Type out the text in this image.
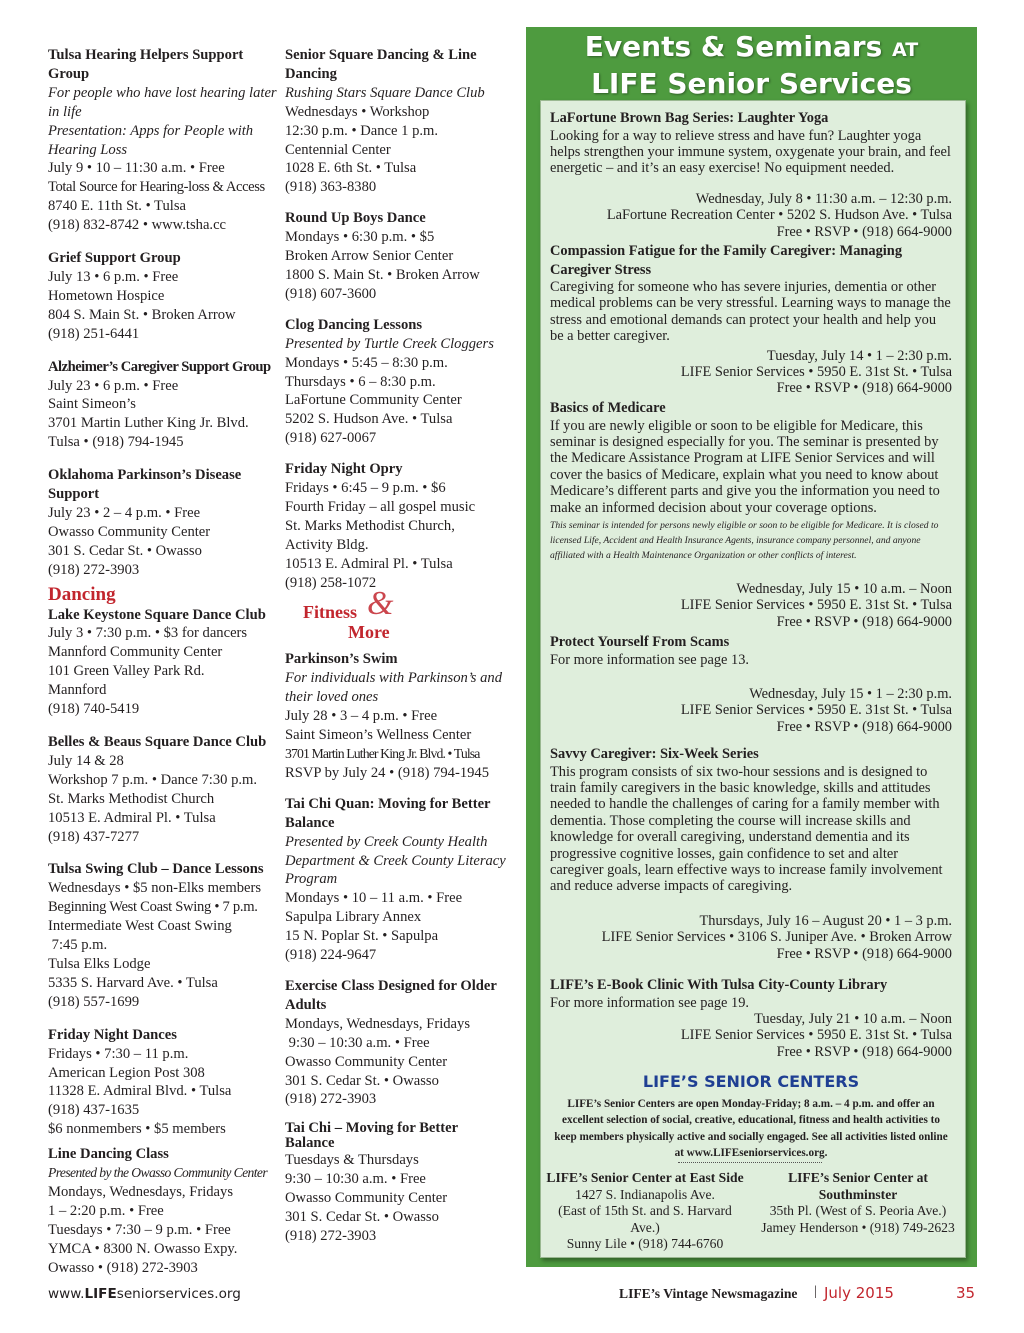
Tulsa Hearing Helpers Support Group
For people who have lost hearing later
in life
Presentation: Apps for People with
Hearing Loss
July 9 • 10 – 11:30 a.m. • Free
Total Source for Hearing-loss & Access
8740 E. 11th St. • Tulsa
(918) 832-8742 • www.tsha.cc
Grief Support Group
July 13 • 6 p.m. • Free
Hometown Hospice
804 S. Main St. • Broken Arrow
(918) 251-6441
Alzheimer’s Caregiver Support Group
July 23 • 6 p.m. • Free
Saint Simeon’s
3701 Martin Luther King Jr. Blvd.
Tulsa • (918) 794-1945
Oklahoma Parkinson’s Disease
Support
July 23 • 2 – 4 p.m. • Free
Owasso Community Center
301 S. Cedar St. • Owasso
(918) 272-3903
Dancing
Lake Keystone Square Dance Club
July 3 • 7:30 p.m. • $3 for dancers
Mannford Community Center
101 Green Valley Park Rd.
Mannford
(918) 740-5419
Belles & Beaus Square Dance Club
July 14 & 28
Workshop 7 p.m. • Dance 7:30 p.m.
St. Marks Methodist Church
10513 E. Admiral Pl. • Tulsa
(918) 437-7277
Tulsa Swing Club – Dance Lessons
Wednesdays • $5 non-Elks members
Beginning West Coast Swing • 7 p.m.
Intermediate West Coast Swing
7:45 p.m.
Tulsa Elks Lodge
5335 S. Harvard Ave. • Tulsa
(918) 557-1699
Friday Night Dances
Fridays • 7:30 – 11 p.m.
American Legion Post 308
11328 E. Admiral Blvd. • Tulsa
(918) 437-1635
$6 nonmembers • $5 members
Line Dancing Class
Presented by the Owasso Community Center
Mondays, Wednesdays, Fridays
1 – 2:20 p.m. • Free
Tuesdays • 7:30 – 9 p.m. • Free
YMCA • 8300 N. Owasso Expy.
Owasso • (918) 272-3903
Senior Square Dancing & Line
Dancing
Rushing Stars Square Dance Club
Wednesdays • Workshop
12:30 p.m. • Dance 1 p.m.
Centennial Center
1028 E. 6th St. • Tulsa
(918) 363-8380
Round Up Boys Dance
Mondays • 6:30 p.m. • $5
Broken Arrow Senior Center
1800 S. Main St. • Broken Arrow
(918) 607-3600
Clog Dancing Lessons
Presented by Turtle Creek Cloggers
Mondays • 5:45 – 8:30 p.m.
Thursdays • 6 – 8:30 p.m.
LaFortune Community Center
5202 S. Hudson Ave. • Tulsa
(918) 627-0067
Friday Night Opry
Fridays • 6:45 – 9 p.m. • $6
Fourth Friday – all gospel music
St. Marks Methodist Church,
Activity Bldg.
10513 E. Admiral Pl. • Tulsa
(918) 258-1072
&
Fitness
More
Parkinson’s Swim
For individuals with Parkinson’s and
their loved ones
July 28 • 3 – 4 p.m. • Free
Saint Simeon’s Wellness Center
3701 Martin Luther King Jr. Blvd. • Tulsa
RSVP by July 24 • (918) 794-1945
Tai Chi Quan: Moving for Better
Balance
Presented by Creek County Health
Department & Creek County Literacy
Program
Mondays • 10 – 11 a.m. • Free
Sapulpa Library Annex
15 N. Poplar St. • Sapulpa
(918) 224-9647
Exercise Class Designed for Older
Adults
Mondays, Wednesdays, Fridays
9:30 – 10:30 a.m. • Free
Owasso Community Center
301 S. Cedar St. • Owasso
(918) 272-3903
Tai Chi – Moving for Better
Balance
Tuesdays & Thursdays
9:30 – 10:30 a.m. • Free
Owasso Community Center
301 S. Cedar St. • Owasso
(918) 272-3903
Events & Seminars AT
LIFE Senior Services
LaFortune Brown Bag Series: Laughter Yoga

Looking for a way to relieve stress and have fun? Laughter yoga helps strengthen your immune system, oxygenate your brain, and feel energetic – and it’s an easy exercise! No equipment needed.

Wednesday, July 8 • 11:30 a.m. – 12:30 p.m.
LaFortune Recreation Center • 5202 S. Hudson Ave. • Tulsa
Free • RSVP • (918) 664-9000
Compassion Fatigue for the Family Caregiver: Managing Caregiver Stress

Caregiving for someone who has severe injuries, dementia or other medical problems can be very stressful. Learning ways to manage the stress and emotional demands can protect your health and help you be a better caregiver.

Tuesday, July 14 • 1 – 2:30 p.m.
LIFE Senior Services • 5950 E. 31st St. • Tulsa
Free • RSVP • (918) 664-9000
Basics of Medicare

If you are newly eligible or soon to be eligible for Medicare, this seminar is designed especially for you. The seminar is presented by the Medicare Assistance Program at LIFE Senior Services and will cover the basics of Medicare, explain what you need to know about Medicare’s different parts and give you the information you need to make an informed decision about your coverage options.

This seminar is intended for persons newly eligible or soon to be eligible for Medicare. It is closed to licensed Life, Accident and Health Insurance Agents, insurance company personnel, and anyone affiliated with a Health Maintenance Organization or other conflicts of interest.

Wednesday, July 15 • 10 a.m. – Noon
LIFE Senior Services • 5950 E. 31st St. • Tulsa
Free • RSVP • (918) 664-9000
Protect Yourself From Scams

For more information see page 13.

Wednesday, July 15 • 1 – 2:30 p.m.
LIFE Senior Services • 5950 E. 31st St. • Tulsa
Free • RSVP • (918) 664-9000
Savvy Caregiver: Six-Week Series

This program consists of six two-hour sessions and is designed to train family caregivers in the basic knowledge, skills and attitudes needed to handle the challenges of caring for a family member with dementia. Those completing the course will increase skills and knowledge for overall caregiving, understand dementia and its progressive cognitive losses, gain confidence to set and alter caregiver goals, learn effective ways to increase family involvement and reduce adverse impacts of caregiving.

Thursdays, July 16 – August 20 • 1 – 3 p.m.
LIFE Senior Services • 3106 S. Juniper Ave. • Broken Arrow
Free • RSVP • (918) 664-9000
LIFE’s E-Book Clinic With Tulsa City-County Library

For more information see page 19.

Tuesday, July 21 • 10 a.m. – Noon
LIFE Senior Services • 5950 E. 31st St. • Tulsa
Free • RSVP • (918) 664-9000
LIFE’S SENIOR CENTERS
LIFE’s Senior Centers are open Monday-Friday; 8 a.m. – 4 p.m. and offer an excellent selection of social, creative, educational, fitness and health activities to keep members physically active and socially engaged. See all activities listed online at www.LIFEseniorservices.org.
LIFE’s Senior Center at East Side
1427 S. Indianapolis Ave.
(East of 15th St. and S. Harvard Ave.)
Sunny Lile • (918) 744-6760
LIFE’s Senior Center at
Southminster
35th Pl. (West of S. Peoria Ave.)
Jamey Henderson • (918) 749-2623
www.LIFEseniorservices.org	LIFE’s Vintage Newsmagazine | July 2015	35
